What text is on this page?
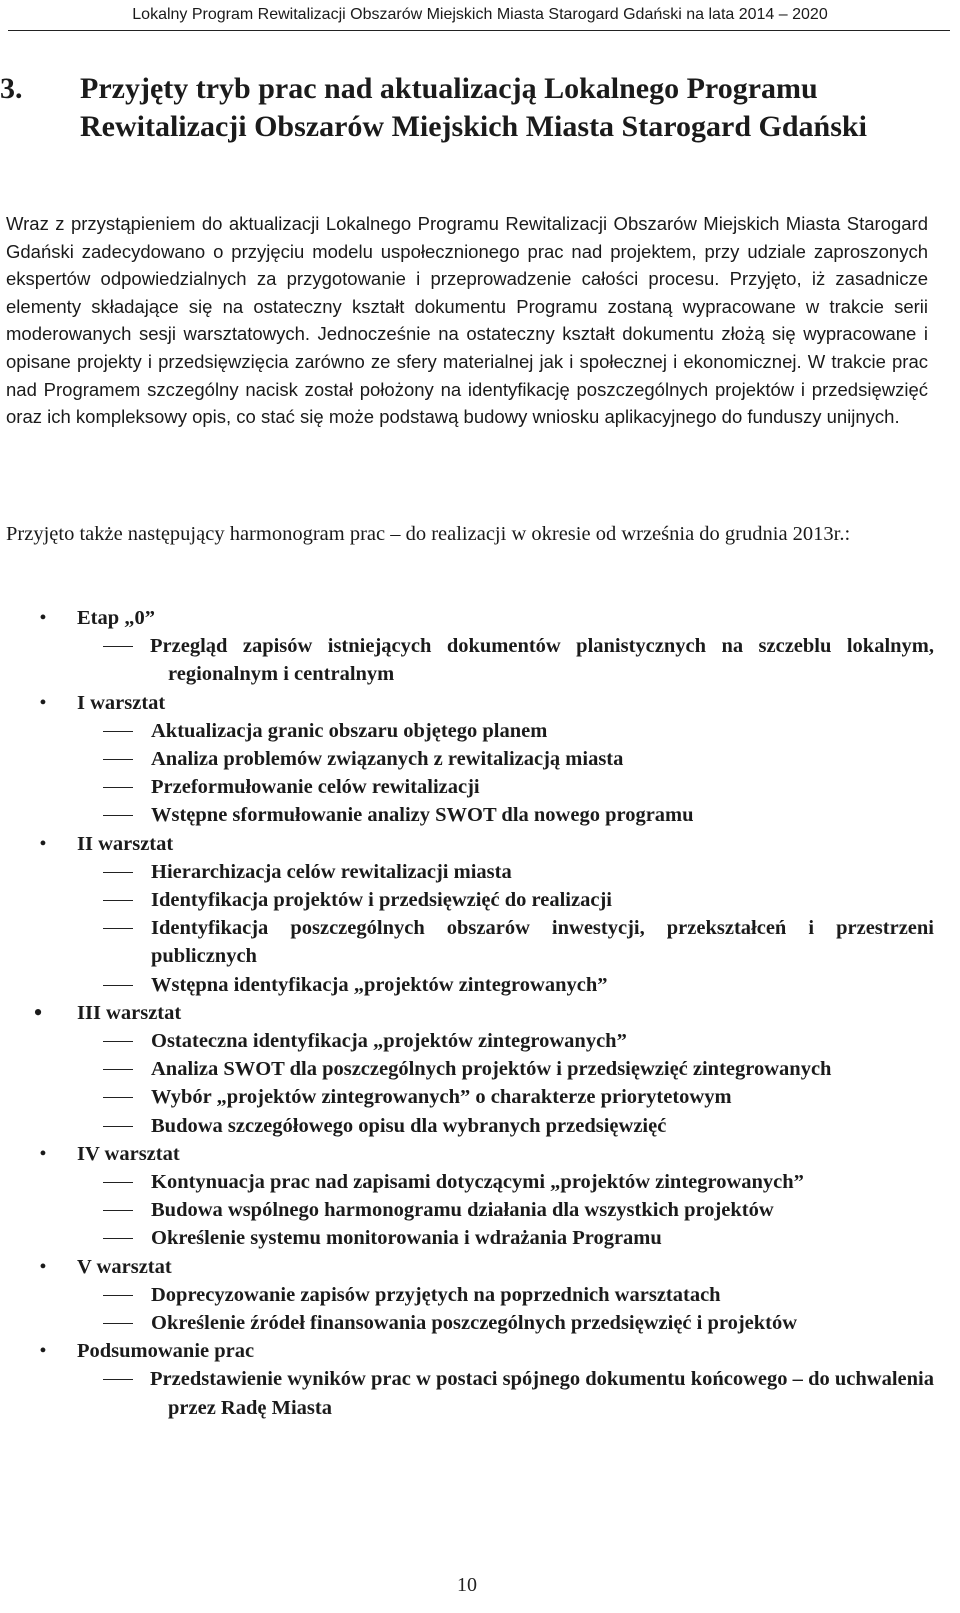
Lokalny Program Rewitalizacji Obszarów Miejskich Miasta Starogard Gdański na lata 2014 – 2020
3. Przyjęty tryb prac nad aktualizacją Lokalnego Programu Rewitalizacji Obszarów Miejskich Miasta Starogard Gdański
Wraz z przystąpieniem do aktualizacji Lokalnego Programu Rewitalizacji Obszarów Miejskich Miasta Starogard Gdański zadecydowano o przyjęciu modelu uspołecznionego prac nad projektem, przy udziale zaproszonych ekspertów odpowiedzialnych za przygotowanie i przeprowadzenie całości procesu. Przyjęto, iż zasadnicze elementy składające się na ostateczny kształt dokumentu Programu zostaną wypracowane w trakcie serii moderowanych sesji warsztatowych. Jednocześnie na ostateczny kształt dokumentu złożą się wypracowane i opisane projekty i przedsięwzięcia zarówno ze sfery materialnej jak i społecznej i ekonomicznej. W trakcie prac nad Programem szczególny nacisk został położony na identyfikację poszczególnych projektów i przedsięwzięć oraz ich kompleksowy opis, co stać się może podstawą budowy wniosku aplikacyjnego do funduszy unijnych.
Przyjęto także następujący harmonogram prac – do realizacji w okresie od września do grudnia 2013r.:
• Etap „0”
Przegląd zapisów istniejących dokumentów planistycznych na szczeblu lokalnym, regionalnym i centralnym
• I warsztat
Aktualizacja granic obszaru objętego planem
Analiza problemów związanych z rewitalizacją miasta
Przeformułowanie celów rewitalizacji
Wstępne sformułowanie analizy SWOT dla nowego programu
• II warsztat
Hierarchizacja celów rewitalizacji miasta
Identyfikacja projektów i przedsięwzięć do realizacji
Identyfikacja poszczególnych obszarów inwestycji, przekształceń i przestrzeni publicznych
Wstępna identyfikacja „projektów zintegrowanych”
• III warsztat
Ostateczna identyfikacja „projektów zintegrowanych”
Analiza SWOT dla poszczególnych projektów i przedsięwzięć zintegrowanych
Wybór „projektów zintegrowanych” o charakterze priorytetowym
Budowa szczegółowego opisu dla wybranych przedsięwzięć
• IV warsztat
Kontynuacja prac nad zapisami dotyczącymi „projektów zintegrowanych”
Budowa wspólnego harmonogramu działania dla wszystkich projektów
Określenie systemu monitorowania i wdrażania Programu
• V warsztat
Doprecyzowanie zapisów przyjętych na poprzednich warsztatach
Określenie źródeł finansowania poszczególnych przedsięwzięć i projektów
• Podsumowanie prac
Przedstawienie wyników prac w postaci spójnego dokumentu końcowego – do uchwalenia przez Radę Miasta
10
